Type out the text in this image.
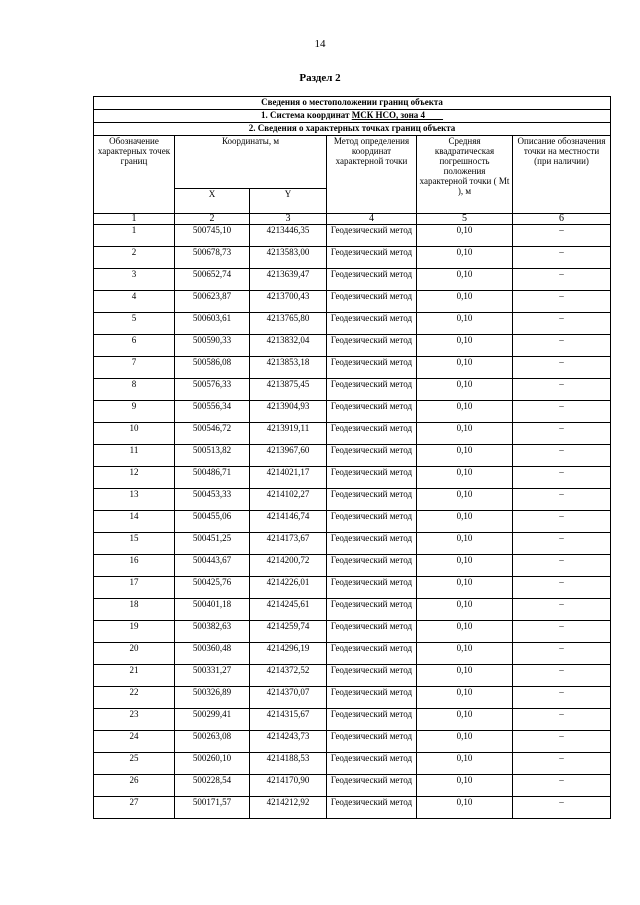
14
Раздел 2
Сведения о местоположении границ объекта					
1. Система координат МСК НСО, зона 4					
2. Сведения о характерных точках границ объекта					
Обозначение характерных точек границ	Координаты, м		Метод определения координат характерной точки	Средняя квадратическая погрешность положения характерной точки ( Mt ), м	Описание обозначения точки на местности (при наличии)
	X	Y			
1	2	3	4	5	6
1	500745,10	4213446,35	Геодезический метод	0,10	–
2	500678,73	4213583,00	Геодезический метод	0,10	–
3	500652,74	4213639,47	Геодезический метод	0,10	–
4	500623,87	4213700,43	Геодезический метод	0,10	–
5	500603,61	4213765,80	Геодезический метод	0,10	–
6	500590,33	4213832,04	Геодезический метод	0,10	–
7	500586,08	4213853,18	Геодезический метод	0,10	–
8	500576,33	4213875,45	Геодезический метод	0,10	–
9	500556,34	4213904,93	Геодезический метод	0,10	–
10	500546,72	4213919,11	Геодезический метод	0,10	–
11	500513,82	4213967,60	Геодезический метод	0,10	–
12	500486,71	4214021,17	Геодезический метод	0,10	–
13	500453,33	4214102,27	Геодезический метод	0,10	–
14	500455,06	4214146,74	Геодезический метод	0,10	–
15	500451,25	4214173,67	Геодезический метод	0,10	–
16	500443,67	4214200,72	Геодезический метод	0,10	–
17	500425,76	4214226,01	Геодезический метод	0,10	–
18	500401,18	4214245,61	Геодезический метод	0,10	–
19	500382,63	4214259,74	Геодезический метод	0,10	–
20	500360,48	4214296,19	Геодезический метод	0,10	–
21	500331,27	4214372,52	Геодезический метод	0,10	–
22	500326,89	4214370,07	Геодезический метод	0,10	–
23	500299,41	4214315,67	Геодезический метод	0,10	–
24	500263,08	4214243,73	Геодезический метод	0,10	–
25	500260,10	4214188,53	Геодезический метод	0,10	–
26	500228,54	4214170,90	Геодезический метод	0,10	–
27	500171,57	4214212,92	Геодезический метод	0,10	–
